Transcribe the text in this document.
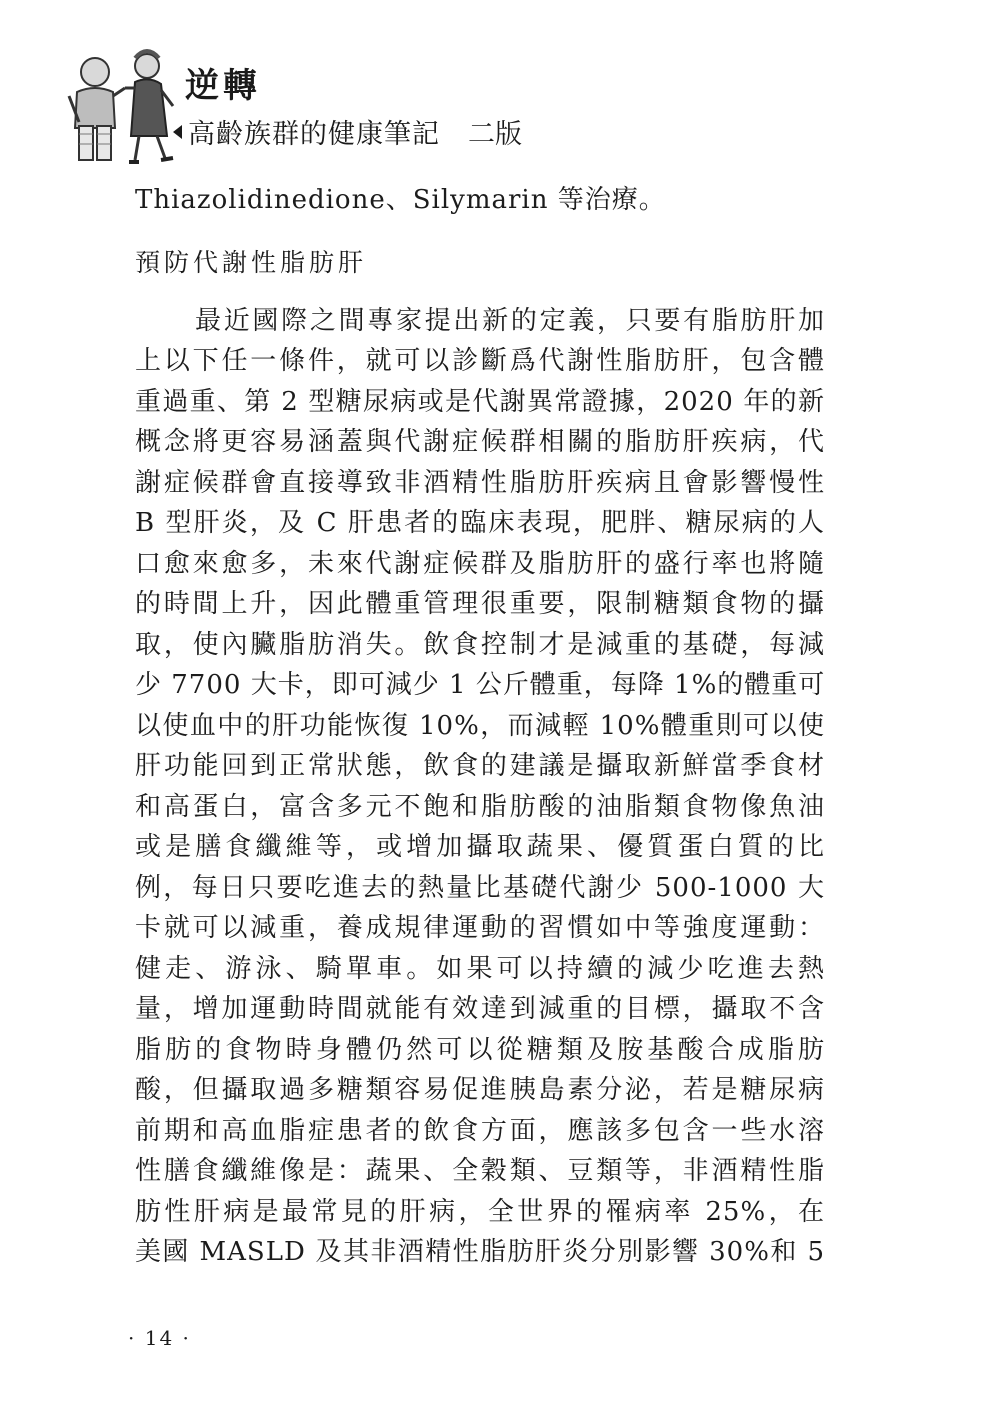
逆轉
高齡族群的健康筆記 二版
Thiazolidinedione、Silymarin 等治療。
預防代謝性脂肪肝
最近國際之間專家提出新的定義，只要有脂肪肝加
上以下任一條件，就可以診斷爲代謝性脂肪肝，包含體
重過重、第 2 型糖尿病或是代謝異常證據，2020 年的新
概念將更容易涵蓋與代謝症候群相關的脂肪肝疾病，代
謝症候群會直接導致非酒精性脂肪肝疾病且會影響慢性
B 型肝炎，及 C 肝患者的臨床表現，肥胖、糖尿病的人
口愈來愈多，未來代謝症候群及脂肪肝的盛行率也將隨
的時間上升，因此體重管理很重要，限制糖類食物的攝
取，使內臟脂肪消失。飲食控制才是減重的基礎，每減
少 7700 大卡，即可減少 1 公斤體重，每降 1%的體重可
以使血中的肝功能恢復 10%，而減輕 10%體重則可以使
肝功能回到正常狀態，飲食的建議是攝取新鮮當季食材
和高蛋白，富含多元不飽和脂肪酸的油脂類食物像魚油
或是膳食纖維等，或增加攝取蔬果、優質蛋白質的比
例，每日只要吃進去的熱量比基礎代謝少 500-1000 大
卡就可以減重，養成規律運動的習慣如中等強度運動：
健走、游泳、騎單車。如果可以持續的減少吃進去熱
量，增加運動時間就能有效達到減重的目標，攝取不含
脂肪的食物時身體仍然可以從糖類及胺基酸合成脂肪
酸，但攝取過多糖類容易促進胰島素分泌，若是糖尿病
前期和高血脂症患者的飲食方面，應該多包含一些水溶
性膳食纖維像是：蔬果、全穀類、豆類等，非酒精性脂
肪性肝病是最常見的肝病，全世界的罹病率 25%，在
美國 MASLD 及其非酒精性脂肪肝炎分別影響 30%和 5
· 14 ·
